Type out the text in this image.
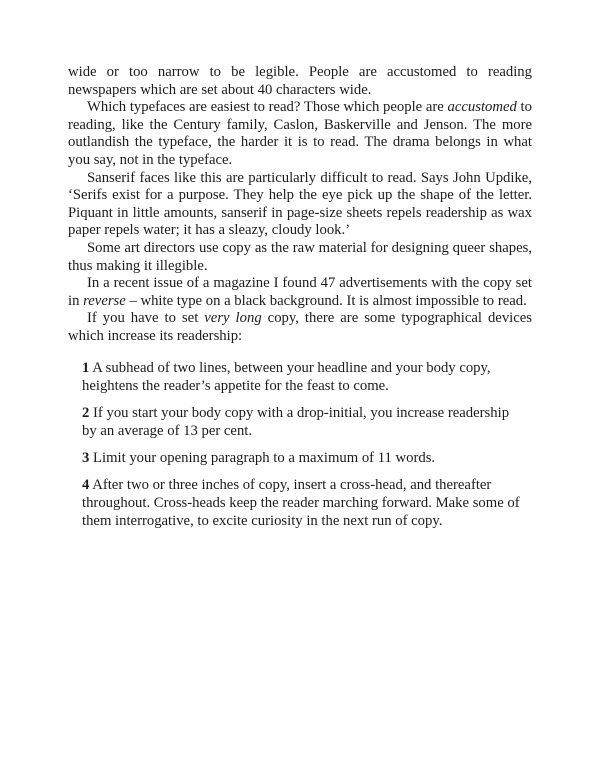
wide or too narrow to be legible. People are accustomed to reading newspapers which are set about 40 characters wide.

Which typefaces are easiest to read? Those which people are accustomed to reading, like the Century family, Caslon, Baskerville and Jenson. The more outlandish the typeface, the harder it is to read. The drama belongs in what you say, not in the typeface.

Sanserif faces like this are particularly difficult to read. Says John Updike, ‘Serifs exist for a purpose. They help the eye pick up the shape of the letter. Piquant in little amounts, sanserif in page-size sheets repels readership as wax paper repels water; it has a sleazy, cloudy look.’

Some art directors use copy as the raw material for designing queer shapes, thus making it illegible.

In a recent issue of a magazine I found 47 advertisements with the copy set in reverse – white type on a black background. It is almost impossible to read.

If you have to set very long copy, there are some typographical devices which increase its readership:

1 A subhead of two lines, between your headline and your body copy, heightens the reader’s appetite for the feast to come.
2 If you start your body copy with a drop-initial, you increase readership by an average of 13 per cent.
3 Limit your opening paragraph to a maximum of 11 words.
4 After two or three inches of copy, insert a cross-head, and thereafter throughout. Cross-heads keep the reader marching forward. Make some of them interrogative, to excite curiosity in the next run of copy.
